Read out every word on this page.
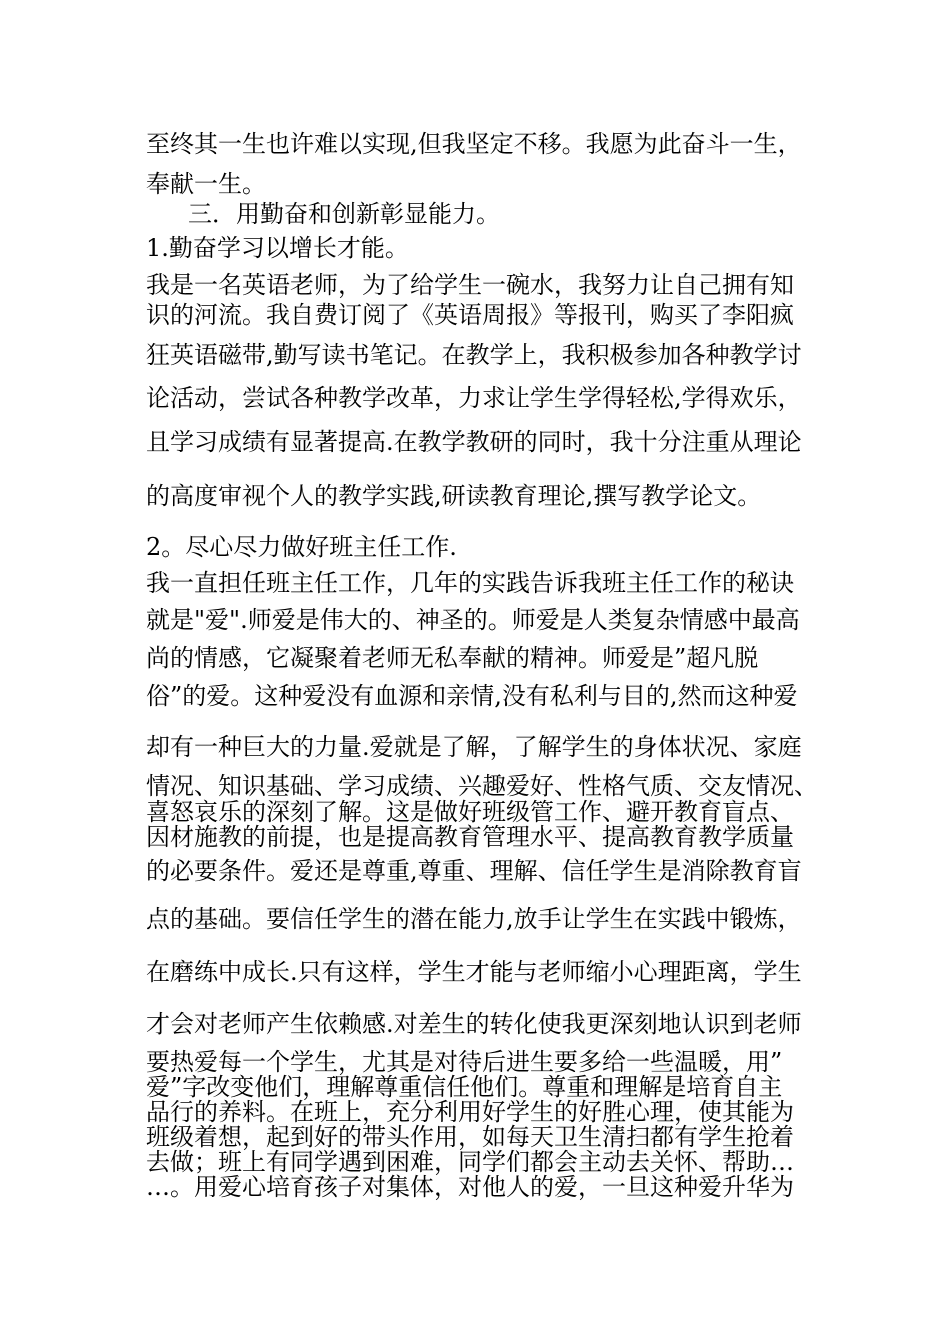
至终其一生也许难以实现,但我坚定不移。我愿为此奋斗一生，
奉献一生。
三．用勤奋和创新彰显能力。
1.勤奋学习以增长才能。
我是一名英语老师，为了给学生一碗水，我努力让自己拥有知
识的河流。我自费订阅了《英语周报》等报刊，购买了李阳疯
狂英语磁带,勤写读书笔记。在教学上，我积极参加各种教学讨
论活动，尝试各种教学改革，力求让学生学得轻松,学得欢乐，
且学习成绩有显著提高.在教学教研的同时，我十分注重从理论
的高度审视个人的教学实践,研读教育理论,撰写教学论文。
2。尽心尽力做好班主任工作.
我一直担任班主任工作，几年的实践告诉我班主任工作的秘诀
就是"爱".师爱是伟大的、神圣的。师爱是人类复杂情感中最高
尚的情感，它凝聚着老师无私奉献的精神。师爱是”超凡脱
俗”的爱。这种爱没有血源和亲情,没有私利与目的,然而这种爱
却有一种巨大的力量.爱就是了解，了解学生的身体状况、家庭
情况、知识基础、学习成绩、兴趣爱好、性格气质、交友情况、
喜怒哀乐的深刻了解。这是做好班级管工作、避开教育盲点、
因材施教的前提，也是提高教育管理水平、提高教育教学质量
的必要条件。爱还是尊重,尊重、理解、信任学生是消除教育盲
点的基础。要信任学生的潜在能力,放手让学生在实践中锻炼，
在磨练中成长.只有这样，学生才能与老师缩小心理距离，学生
才会对老师产生依赖感.对差生的转化使我更深刻地认识到老师
要热爱每一个学生，尤其是对待后进生要多给一些温暖，用”
爱”字改变他们，理解尊重信任他们。尊重和理解是培育自主
品行的养料。在班上，充分利用好学生的好胜心理，使其能为
班级着想，起到好的带头作用，如每天卫生清扫都有学生抢着
去做；班上有同学遇到困难，同学们都会主动去关怀、帮助…
…。用爱心培育孩子对集体，对他人的爱，一旦这种爱升华为
